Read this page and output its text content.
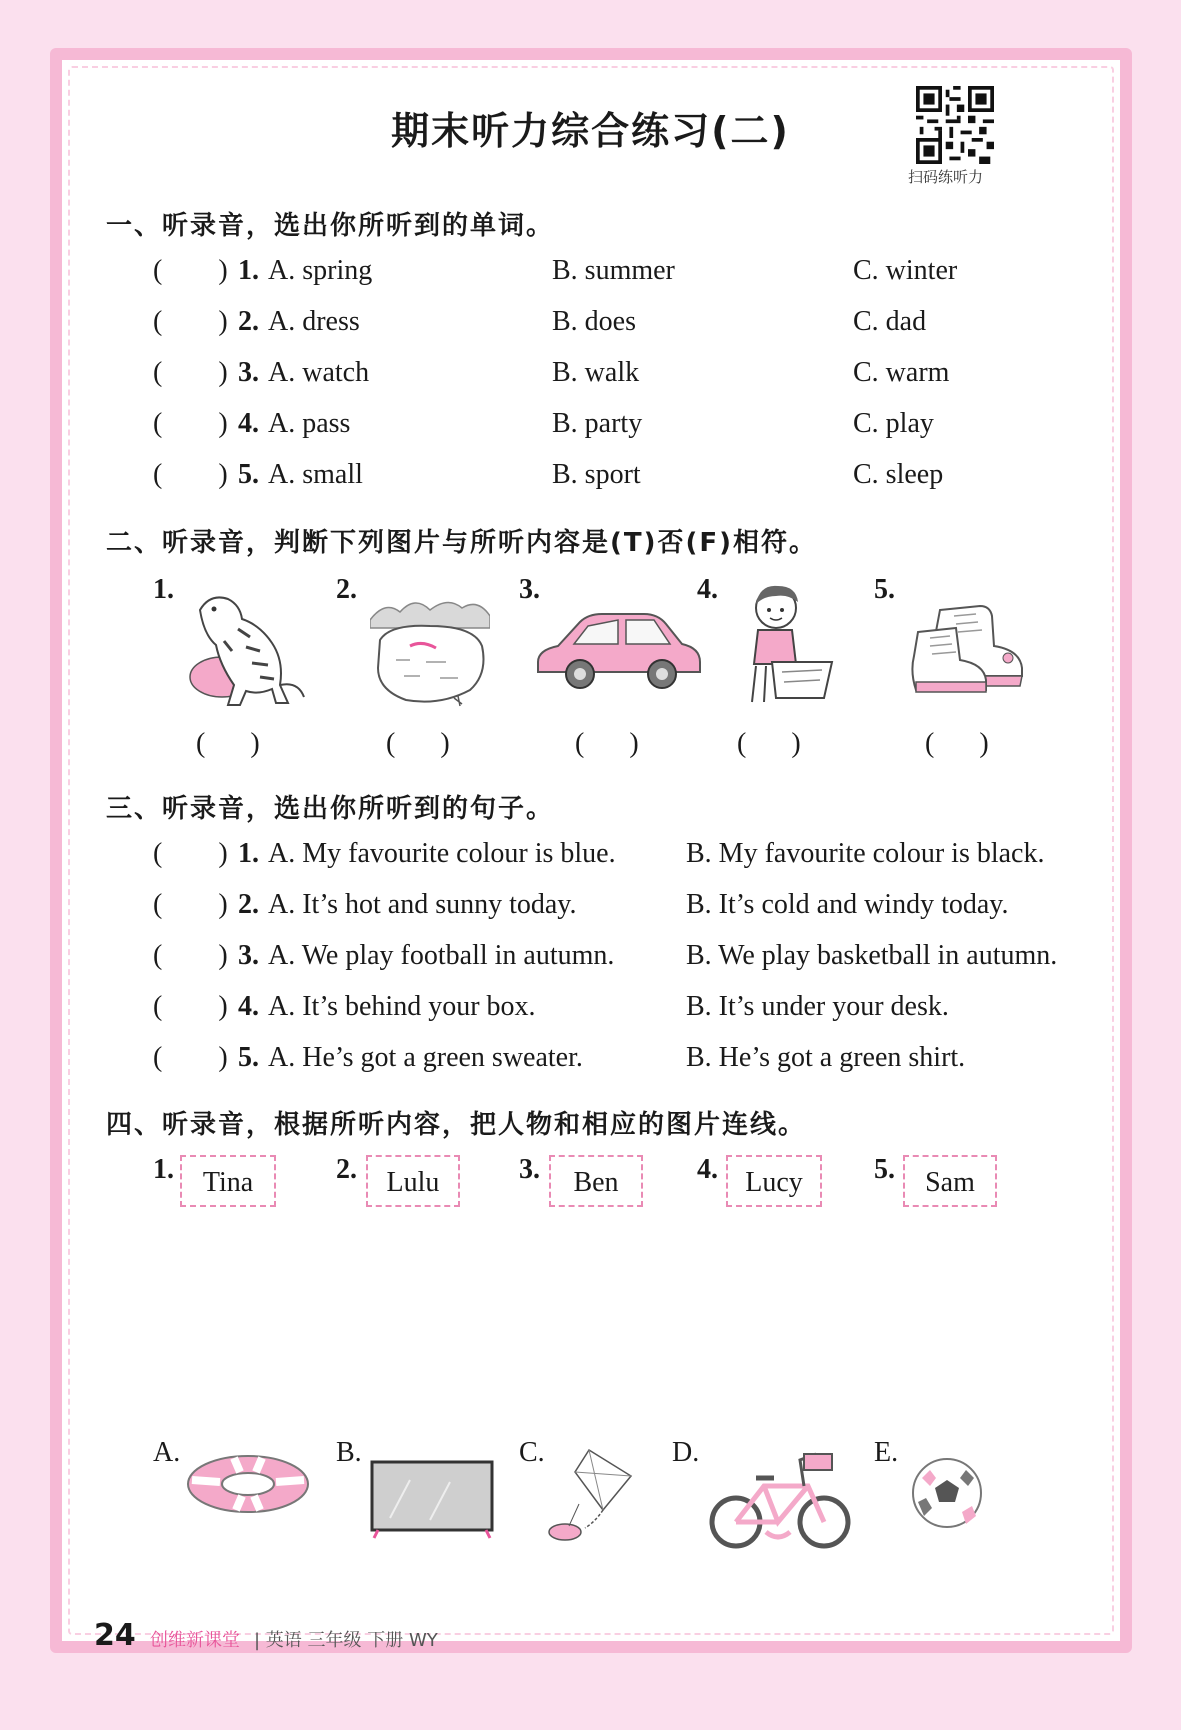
期末听力综合练习(二)
扫码练听力
一、听录音，选出你所听到的单词。
(        ) 1. A. spring	B. summer	C. winter
(        ) 2. A. dress	B. does	C. dad
(        ) 3. A. watch	B. walk	C. warm
(        ) 4. A. pass	B. party	C. play
(        ) 5. A. small	B. sport	C. sleep
二、听录音，判断下列图片与所听内容是(T)否(F)相符。
1.	2.	3.	4.	5.
( )	( )	( )	( )	( )
三、听录音，选出你所听到的句子。
(        ) 1. A. My favourite colour is blue.	B. My favourite colour is black.
(        ) 2. A. It’s hot and sunny today.	B. It’s cold and windy today.
(        ) 3. A. We play football in autumn.	B. We play basketball in autumn.
(        ) 4. A. It’s behind your box.	B. It’s under your desk.
(        ) 5. A. He’s got a green sweater.	B. He’s got a green shirt.
四、听录音，根据所听内容，把人物和相应的图片连线。
1.	Tina	2.	Lulu	3.	Ben	4. Lucy	5.	Sam
A.	B.	C.	D.	E.
24 创维新课堂 | 英语 三年级 下册 WY
